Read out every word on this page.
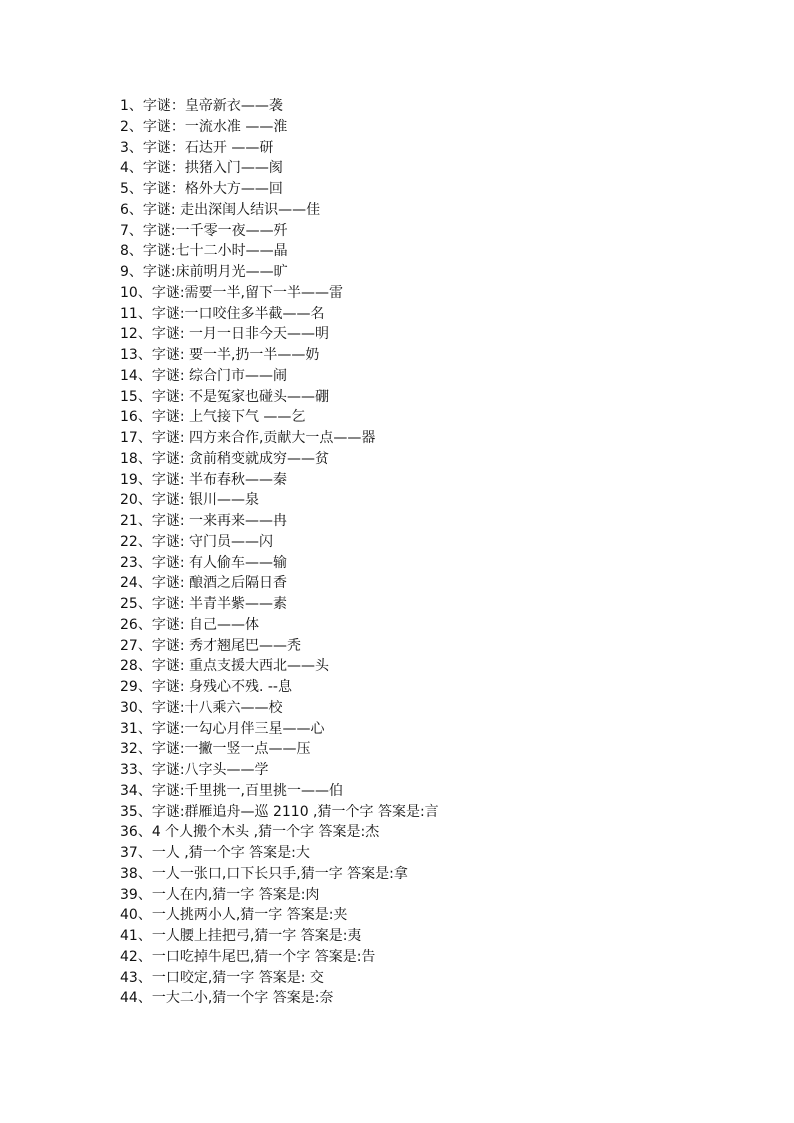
1、字谜：皇帝新衣——袭
2、字谜：一流水准 ——淮
3、字谜：石达开 ——研
4、字谜：拱猪入门——阂
5、字谜：格外大方——回
6、字谜: 走出深闺人结识——佳
7、字谜:一千零一夜——歼
8、字谜:七十二小时——晶
9、字谜:床前明月光——旷
10、字谜:需要一半,留下一半——雷
11、字谜:一口咬住多半截——名
12、字谜: 一月一日非今天——明
13、字谜: 要一半,扔一半——奶
14、字谜: 综合门市——闹
15、字谜: 不是冤家也碰头——硼
16、字谜: 上气接下气 ——乞
17、字谜: 四方来合作,贡献大一点——器
18、字谜: 贪前稍变就成穷——贫
19、字谜: 半布春秋——秦
20、字谜: 银川——泉
21、字谜: 一来再来——冉
22、字谜: 守门员——闪
23、字谜: 有人偷车——输
24、字谜: 酿酒之后隔日香
25、字谜: 半青半紫——素
26、字谜: 自己——体
27、字谜: 秀才翘尾巴——秃
28、字谜: 重点支援大西北——头
29、字谜: 身残心不残. --息
30、字谜:十八乘六——校
31、字谜:一勾心月伴三星——心
32、字谜:一撇一竖一点——压
33、字谜:八字头——学
34、字谜:千里挑一,百里挑一——伯
35、字谜:群雁追舟—巡 2110 ,猜一个字 答案是:言
36、4 个人搬个木头 ,猜一个字 答案是:杰
37、一人 ,猜一个字 答案是:大
38、一人一张口,口下长只手,猜一字 答案是:拿
39、一人在内,猜一字 答案是:肉
40、一人挑两小人,猜一字 答案是:夹
41、一人腰上挂把弓,猜一字 答案是:夷
42、一口吃掉牛尾巴,猜一个字 答案是:告
43、一口咬定,猜一字 答案是: 交
44、一大二小,猜一个字 答案是:奈
